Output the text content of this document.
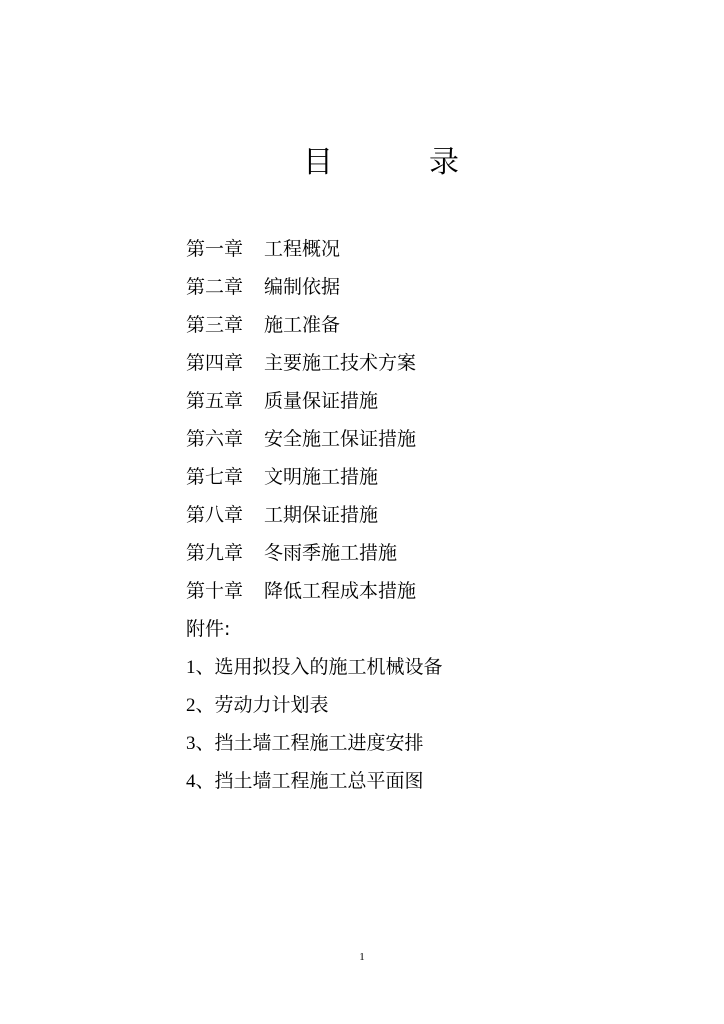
目	录
第一章 工程概况
第二章 编制依据
第三章 施工准备
第四章 主要施工技术方案
第五章 质量保证措施
第六章 安全施工保证措施
第七章 文明施工措施
第八章 工期保证措施
第九章 冬雨季施工措施
第十章 降低工程成本措施
附件:
1、选用拟投入的施工机械设备
2、劳动力计划表
3、挡土墙工程施工进度安排
4、挡土墙工程施工总平面图
1
